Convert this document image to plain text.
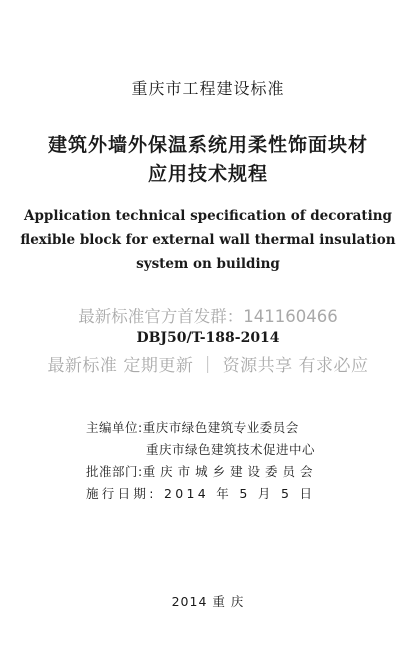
重庆市工程建设标准
建筑外墙外保温系统用柔性饰面块材
应用技术规程
Application technical specification of decorating
flexible block for external wall thermal insulation
system on building
最新标准官方首发群：141160466
DBJ50/T-188-2014
最新标准 定期更新 ｜ 资源共享 有求必应
主编单位:重庆市绿色建筑专业委员会
重庆市绿色建筑技术促进中心
批准部门:重 庆 市 城 乡 建 设 委 员 会
施行日期: 2014 年 5 月 5 日
2014 重 庆
